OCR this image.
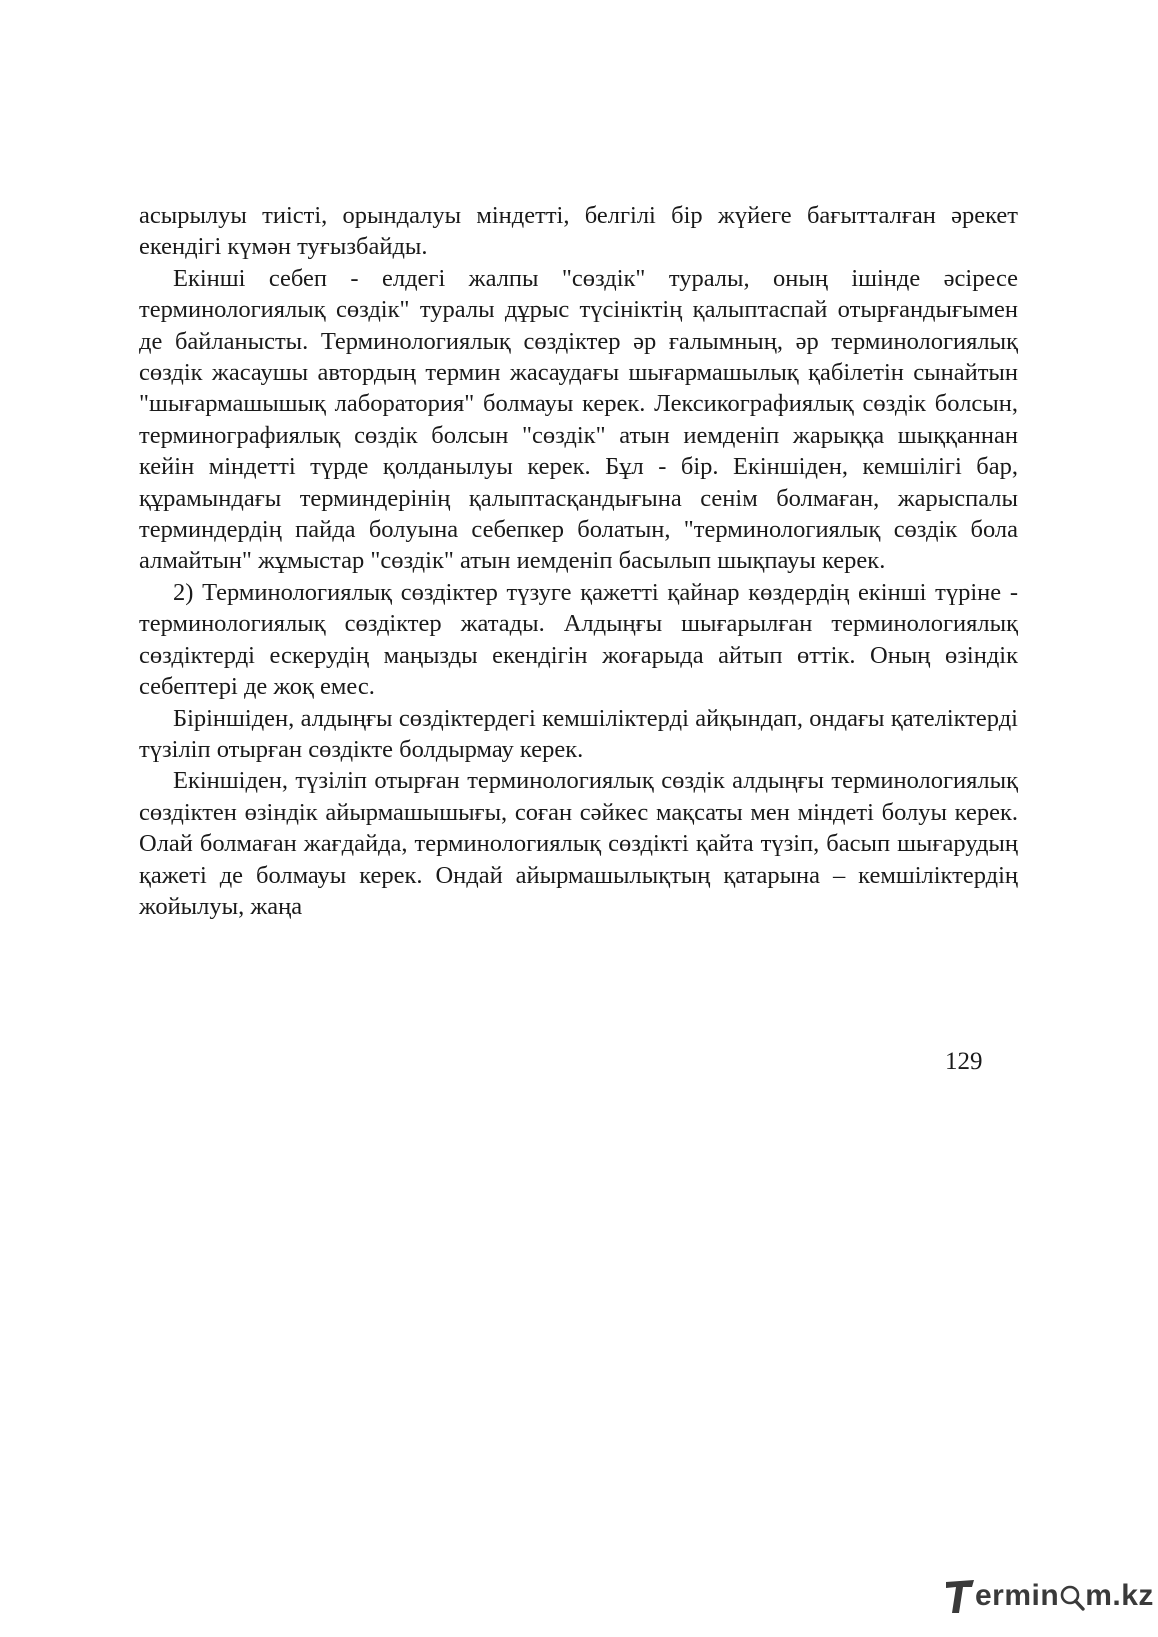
асырылуы тиісті, орындалуы міндетті, белгілі бір жүйеге бағытталған әрекет екендігі күмән туғызбайды.

Екінші себеп - елдегі жалпы "сөздік" туралы, оның ішінде әсіресе терминологиялық сөздік" туралы дұрыс түсініктің қалыптаспай отырғандығымен де байланысты. Терминологиялық сөздіктер әр ғалымның, әр терминологиялық сөздік жасаушы автордың термин жасаудағы шығармашылық қабілетін сынайтын "шығармашышық лаборатория" болмауы керек. Лексикографиялық сөздік болсын, терминографиялық сөздік болсын "сөздік" атын иемденіп жарыққа шыққаннан кейін міндетті түрде қолданылуы керек. Бұл - бір. Екіншіден, кемшілігі бар, құрамындағы терминдерінің қалыптасқандығына сенім болмаған, жарыспалы терминдердің пайда болуына себепкер болатын, "терминологиялық сөздік бола алмайтын" жұмыстар "сөздік" атын иемденіп басылып шықпауы керек.

2) Терминологиялық сөздіктер түзуге қажетті қайнар көздердің екінші түріне - терминологиялық сөздіктер жатады. Алдыңғы шығарылған терминологиялық сөздіктерді ескерудің маңызды екендігін жоғарыда айтып өттік. Оның өзіндік себептері де жоқ емес.

Біріншіден, алдыңғы сөздіктердегі кемшіліктерді айқындап, ондағы қателіктерді түзіліп отырған сөздікте болдырмау керек.

Екіншіден, түзіліп отырған терминологиялық сөздік алдыңғы терминологиялық сөздіктен өзіндік айырмашышығы, соған сәйкес мақсаты мен міндеті болуы керек. Олай болмаған жағдайда, терминологиялық сөздікті қайта түзіп, басып шығарудың қажеті де болмауы керек. Ондай айырмашылықтың қатарына – кемшіліктердің жойылуы, жаңа

129
ermin m.kz
